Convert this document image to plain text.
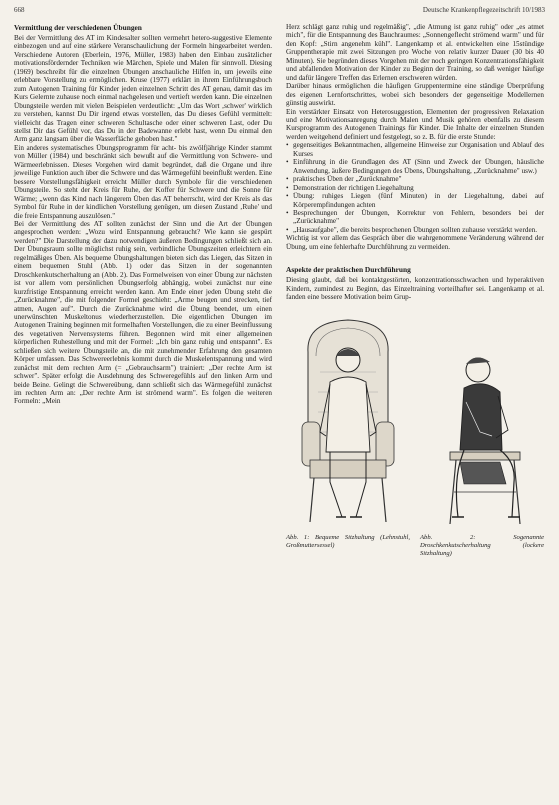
668	Deutsche Krankenpflegezeitschrift 10/1983
Vermittlung der verschiedenen Übungen

Bei der Vermittlung des AT im Kindesalter sollten vermehrt hetero-suggestive Elemente einbezogen und auf eine stärkere Veranschaulichung der Formeln hingearbeitet werden. Verschiedene Autoren (Eberlein, 1976, Müller, 1983) haben den Einbau zusätzlicher motivationsfördernder Techniken wie Märchen, Spiele und Malen für sinnvoll. Diesing (1969) beschreibt für die einzelnen Übungen anschauliche Hilfen in, um jeweils eine erlebbare Vorstellung zu ermöglichen. Kruse (1977) erklärt in ihrem Einführungsbuch zum Autogenen Training für Kinder jeden einzelnen Schritt des AT genau, damit das im Kurs Gelernte zuhause noch einmal nachgelesen und vertieft werden kann. Die einzelnen Übungsteile werden mit vielen Beispielen verdeutlicht: „Um das Wort ‚schwer' wirklich zu verstehen, kannst Du Dir irgend etwas vorstellen, das Du dieses Gefühl vermittelt: vielleicht das Tragen einer schweren Schultasche oder einer schweren Last, oder Du stellst Dir das Gefühl vor, das Du in der Badewanne erlebt hast, wenn Du einmal den Arm ganz langsam über die Wasserfläche gehoben hast."

Ein anderes systematisches Übungsprogramm für acht- bis zwölfjährige Kinder stammt von Müller (1984) und beschränkt sich bewußt auf die Vermittlung von Schwere- und Wärmeerlebnissen. Dieses Vorgehen wird damit begründet, daß die Organe und ihre jeweilige Funktion auch über die Schwere und das Wärmegefühl beeinflußt werden. Eine bessere Vorstellungsfähigkeit erreicht Müller durch Symbole für die verschiedenen Übungsteile. So steht der Kreis für Ruhe, der Koffer für Schwere und die Sonne für Wärme; „wenn das Kind nach längerem Üben das AT beherrscht, wird der Kreis als das Symbol für Ruhe in der kindlichen Vorstellung genügen, um diesen Zustand ‚Ruhe' und die freie Entspannung auszulösen."

Bei der Vermittlung des AT sollten zunächst der Sinn und die Art der Übungen angesprochen werden: „Wozu wird Entspannung gebraucht? Wie kann sie gespürt werden?" Die Darstellung der dazu notwendigen äußeren Bedingungen schließt sich an. Der Übungsraum sollte möglichst ruhig sein, verbindliche Übungszeiten erleichtern ein regelmäßiges Üben. Als bequeme Übungshaltungen bieten sich das Liegen, das Sitzen in einem bequemen Stuhl (Abb. 1) oder das Sitzen in der sogenannten Droschkenkutscherhaltung an (Abb. 2). Das Formelweisen von einer Übung zur nächsten ist vor allem vom persönlichen Übungserfolg abhängig, wobei zunächst nur eine kurzfristige Entspannung erreicht werden kann. Am Ende einer jeden Übung steht die „Zurücknahme", die mit folgender Formel geschieht: „Arme beugen und strecken, tief atmen, Augen auf". Durch die Zurücknahme wird die Übung beendet, um einen unerwünschten Muskeltonus wiederherzustellen. Die eigentlichen Übungen im Autogenen Training beginnen mit formelhaften Vorstellungen, die zu einer Beeinflussung des vegetativen Nervensystems führen. Begonnen wird mit einer allgemeinen körperlichen Ruhestellung und mit der Formel: „Ich bin ganz ruhig und entspannt". Es schließen sich weitere Übungsteile an, die mit zunehmender Erfahrung den gesamten Körper umfassen. Das Schwereerlebnis kommt durch die Muskelentspannung und wird zunächst mit dem rechten Arm (= „Gebrauchsarm") trainiert: „Der rechte Arm ist schwer". Später erfolgt die Ausdehnung des Schweregefühls auf den linken Arm und beide Beine. Gelingt die Schwereübung, dann schließt sich das Wärmegefühl zunächst im rechten Arm an: „Der rechte Arm ist strömend warm". Es folgen die weiteren Formeln: „Mein

Herz schlägt ganz ruhig und regelmäßig", „die Atmung ist ganz ruhig" oder „es atmet mich", für die Entspannung des Bauchraumes: „Sonnengeflecht strömend warm" und für den Kopf: „Stirn angenehm kühl". Langenkamp et al. entwickelten eine 15stündige Gruppentherapie mit zwei Sitzungen pro Woche von relativ kurzer Dauer (30 bis 40 Minuten). Sie begründen dieses Vorgehen mit der noch geringen Konzentrationsfähigkeit und abfallenden Motivation der Kinder zu Beginn der Training, so daß weniger häufige und dafür längere Treffen das Erlernen erschweren würden.

Darüber hinaus ermöglichen die häufigen Gruppentermine eine ständige Überprüfung des eigenen Lernfortschrittes, wobei sich besonders der gegenseitige Modellernen günstig auswirkt.

Ein verstärkter Einsatz von Heterosuggestion, Elementen der progressiven Relaxation und eine Motivationsanregung durch Malen und Musik gehören ebenfalls zu diesem Kursprogramm des Autogenen Trainings für Kinder. Die Inhalte der einzelnen Stunden werden weitgehend definiert und festgelegt, so z. B. für die erste Stunde:

• gegenseitiges Bekanntmachen, allgemeine Hinweise zur Organisation und Ablauf des Kurses
• Einführung in die Grundlagen des AT (Sinn und Zweck der Übungen, häusliche Anwendung, äußere Bedingungen des Übens, Übungshaltung, „Zurücknahme" usw.)
• praktisches Üben der „Zurücknahme"
• Demonstration der richtigen Liegehaltung
• Übung: ruhiges Liegen (fünf Minuten) in der Liegehaltung, dabei auf Körperempfindungen achten
• Besprechungen der Übungen, Korrektur von Fehlern, besonders bei der „Zurücknahme"
• „Hausaufgabe", die bereits besprochenen Übungen sollten zuhause verstärkt werden.

Wichtig ist vor allem das Gespräch über die wahrgenommene Veränderung während der Übung, um eine fehlerhafte Durchführung zu vermeiden.

Aspekte der praktischen Durchführung

Diesing glaubt, daß bei kontaktgestörten, konzentrationsschwachen und hyperaktiven Kindern, zumindest zu Beginn, das Einzeltraining vorteilhafter sei. Langenkamp et al. fanden eine bessere Motivation beim Grup-

Abb. 1: Bequeme Sitzhaltung (Lehnstuhl, Großmuttersessel)
Abb. 2: Sogenannte Droschkenkutscherhaltung (lockere Sitzhaltung)
